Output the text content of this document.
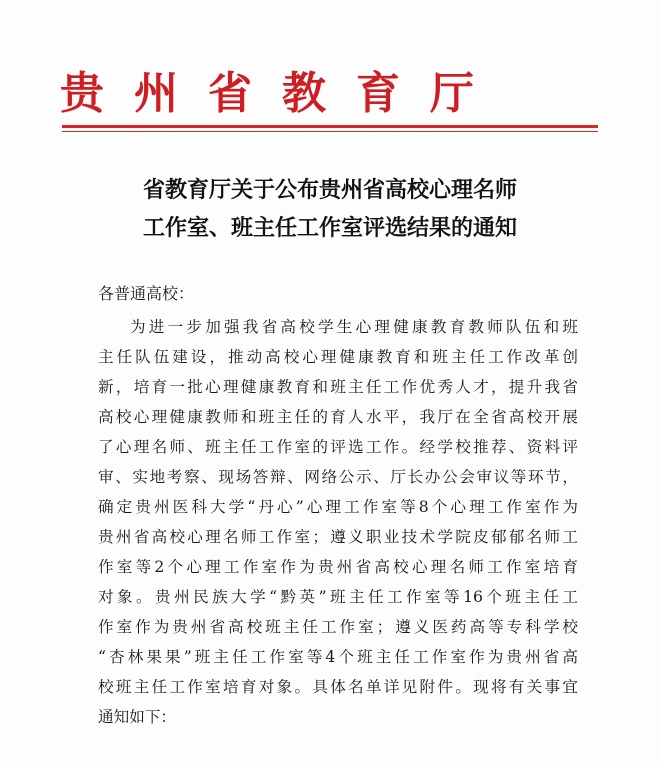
贵州省教育厅
省教育厅关于公布贵州省高校心理名师
工作室、班主任工作室评选结果的通知

各普通高校：

为进一步加强我省高校学生心理健康教育教师队伍和班
主任队伍建设，推动高校心理健康教育和班主任工作改革创
新，培育一批心理健康教育和班主任工作优秀人才，提升我省
高校心理健康教师和班主任的育人水平，我厅在全省高校开展
了心理名师、班主任工作室的评选工作。经学校推荐、资料评
审、实地考察、现场答辩、网络公示、厅长办公会审议等环节，
确定贵州医科大学“丹心”心理工作室等8个心理工作室作为
贵州省高校心理名师工作室；遵义职业技术学院皮郁郁名师工
作室等2个心理工作室作为贵州省高校心理名师工作室培育
对象。贵州民族大学“黔英”班主任工作室等16个班主任工
作室作为贵州省高校班主任工作室；遵义医药高等专科学校
“杏林果果”班主任工作室等4个班主任工作室作为贵州省高
校班主任工作室培育对象。具体名单详见附件。现将有关事宜
通知如下：
